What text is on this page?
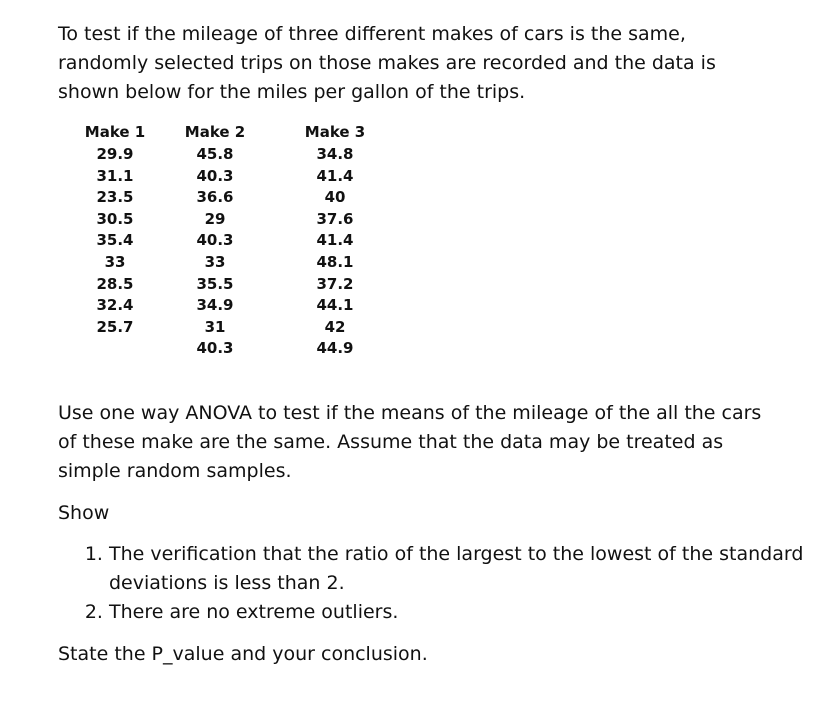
To test if the mileage of three different makes of cars is the same, randomly selected trips on those makes are recorded and the data is shown below for the miles per gallon of the trips.

Make 1	Make 2	Make 3
29.9	45.8	34.8
31.1	40.3	41.4
23.5	36.6	40
30.5	29	37.6
35.4	40.3	41.4
33	33	48.1
28.5	35.5	37.2
32.4	34.9	44.1
25.7	31	42
	40.3	44.9

Use one way ANOVA to test if the means of the mileage of the all the cars of these make are the same. Assume that the data may be treated as simple random samples.

Show

1. The verification that the ratio of the largest to the lowest of the standard deviations is less than 2.
2. There are no extreme outliers.

State the P_value and your conclusion.
